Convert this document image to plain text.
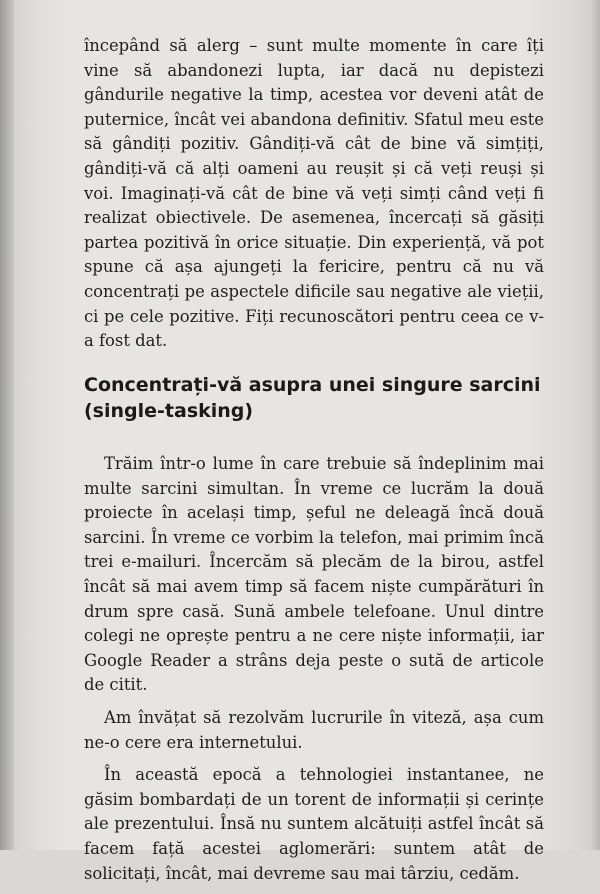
începând să alerg – sunt multe momente în care îți vine să abandonezi lupta, iar dacă nu depistezi gândurile negative la timp, acestea vor deveni atât de puternice, încât vei abandona definitiv. Sfatul meu este să gândiți pozitiv. Gândiți-vă cât de bine vă simțiți, gândiți-vă că alți oameni au reușit și că veți reuși și voi. Imaginați-vă cât de bine vă veți simți când veți fi realizat obiectivele. De asemenea, încercați să găsiți partea pozitivă în orice situație. Din experiență, vă pot spune că așa ajungeți la fericire, pentru că nu vă concentrați pe aspectele dificile sau negative ale vieții, ci pe cele pozitive. Fiți recunoscători pentru ceea ce v-a fost dat.

Concentrați-vă asupra unei singure sarcini (single-tasking)

Trăim într-o lume în care trebuie să îndeplinim mai multe sarcini simultan. În vreme ce lucrăm la două proiecte în același timp, șeful ne deleagă încă două sarcini. În vreme ce vorbim la telefon, mai primim încă trei e-mailuri. Încercăm să plecăm de la birou, astfel încât să mai avem timp să facem niște cumpărături în drum spre casă. Sună ambele telefoane. Unul dintre colegi ne oprește pentru a ne cere niște informații, iar Google Reader a strâns deja peste o sută de articole de citit.

Am învățat să rezolvăm lucrurile în viteză, așa cum ne-o cere era internetului.

În această epocă a tehnologiei instantanee, ne găsim bombardați de un torent de informații și cerințe ale prezentului. Însă nu suntem alcătuiți astfel încât să facem față acestei aglomerări: suntem atât de solicitați, încât, mai devreme sau mai târziu, cedăm.
